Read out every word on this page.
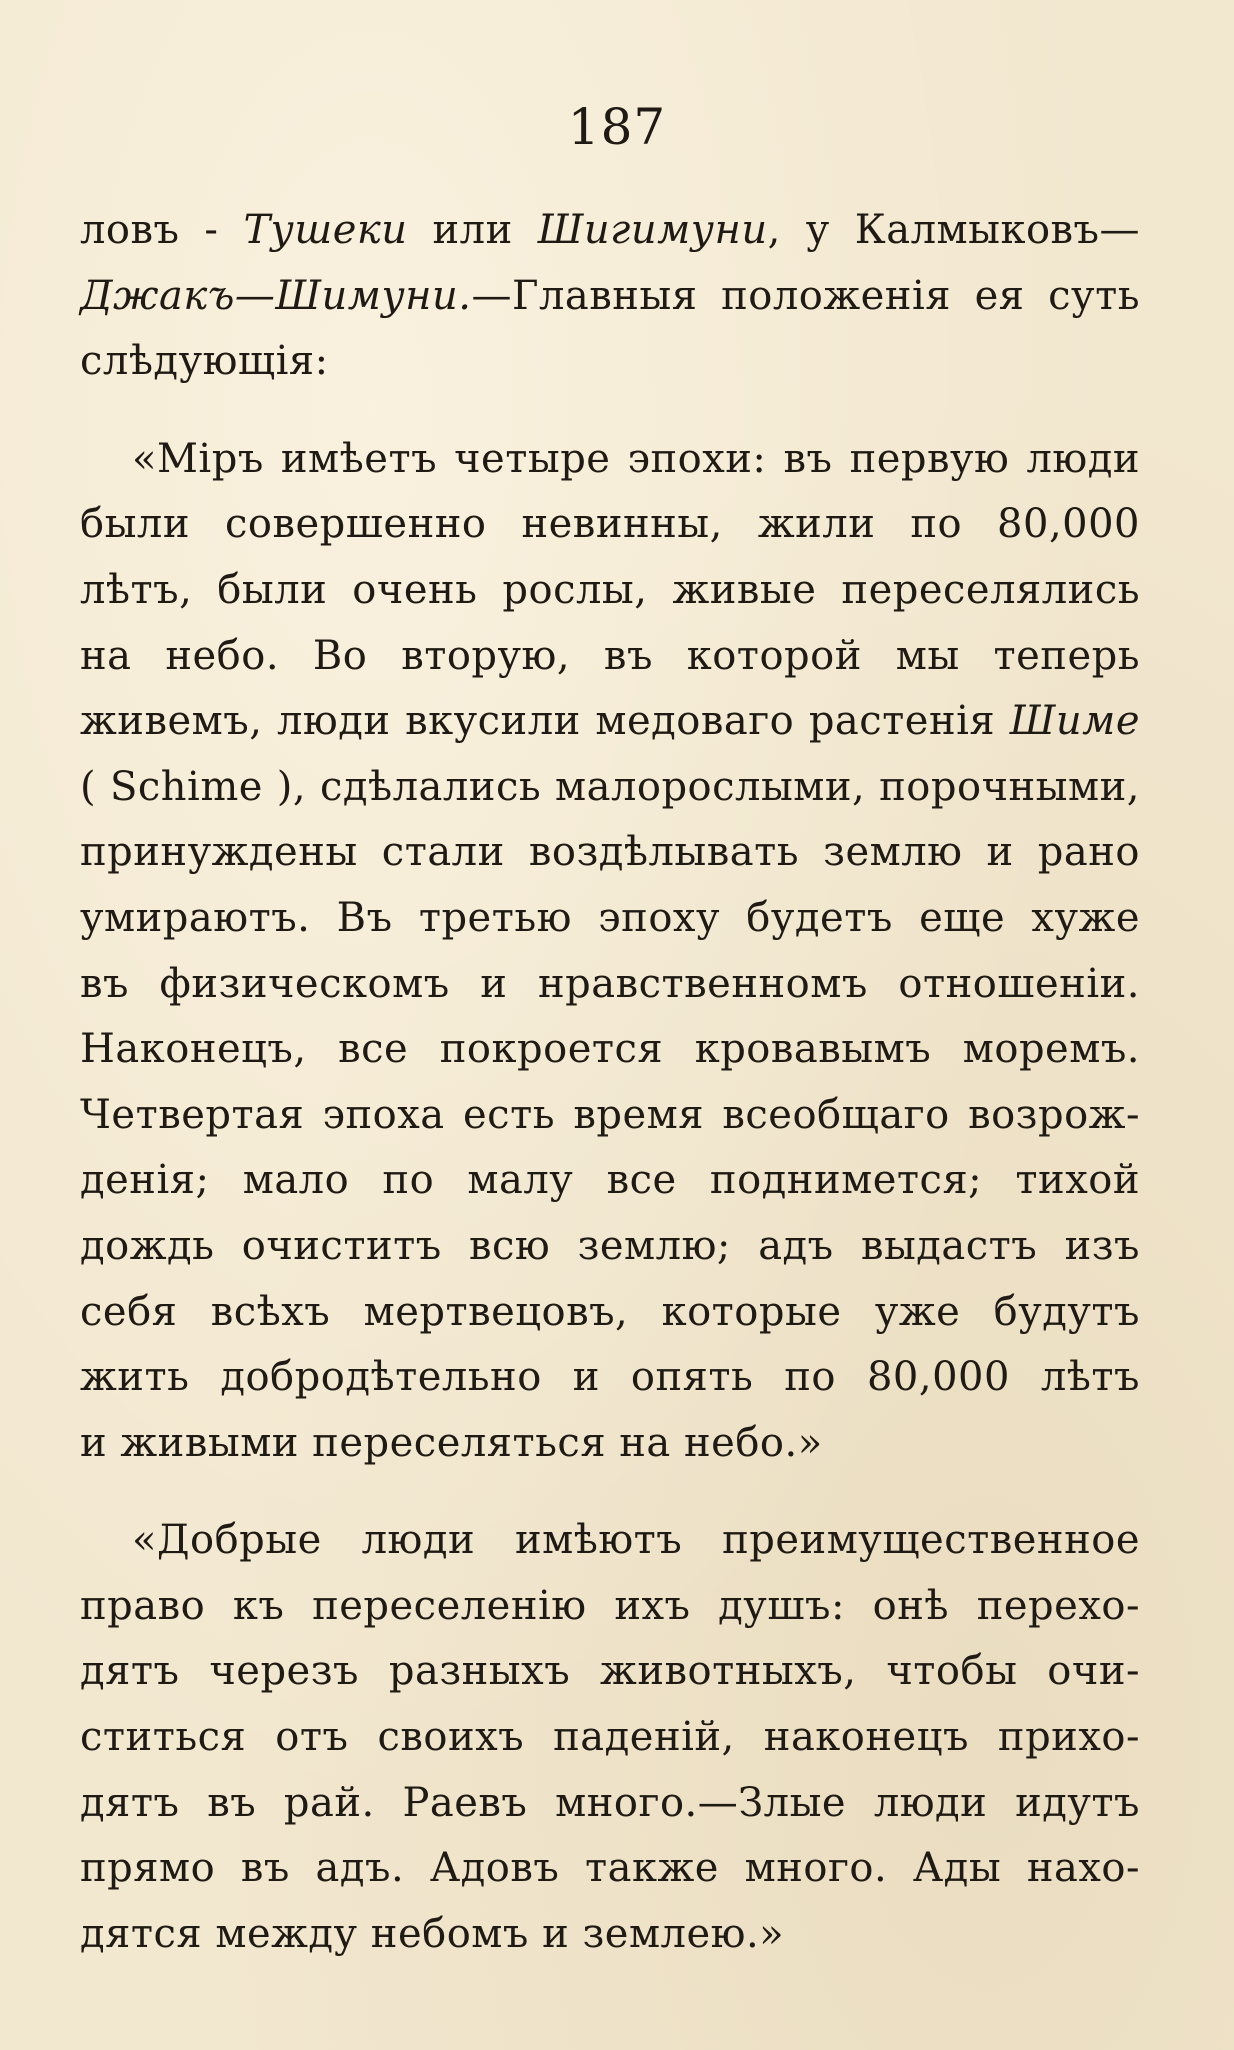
187
ловъ - Тушеки или Шигимуни, у Калмыковъ—
Джакъ—Шимуни.—Главныя положенія ея суть
слѣдующія:
«Міръ имѣетъ четыре эпохи: въ первую люди
были совершенно невинны, жили по 80,000
лѣтъ, были очень рослы, живые переселялись
на небо. Во вторую, въ которой мы теперь
живемъ, люди вкусили медоваго растенія Шиме
( Schime ), сдѣлались малорослыми, порочными,
принуждены стали воздѣлывать землю и рано
умираютъ. Въ третью эпоху будетъ еще хуже
въ физическомъ и нравственномъ отношеніи.
Наконецъ, все покроется кровавымъ моремъ.
Четвертая эпоха есть время всеобщаго возрож-
денія; мало по малу все поднимется; тихой
дождь очиститъ всю землю; адъ выдастъ изъ
себя всѣхъ мертвецовъ, которые уже будутъ
жить добродѣтельно и опять по 80,000 лѣтъ
и живыми переселяться на небо.»
«Добрые люди имѣютъ преимущественное
право къ переселенію ихъ душъ: онѣ перехо-
дятъ черезъ разныхъ животныхъ, чтобы очи-
ститься отъ своихъ паденій, наконецъ прихо-
дятъ въ рай. Раевъ много.—Злые люди идутъ
прямо въ адъ. Адовъ также много. Ады нахо-
дятся между небомъ и землею.»
